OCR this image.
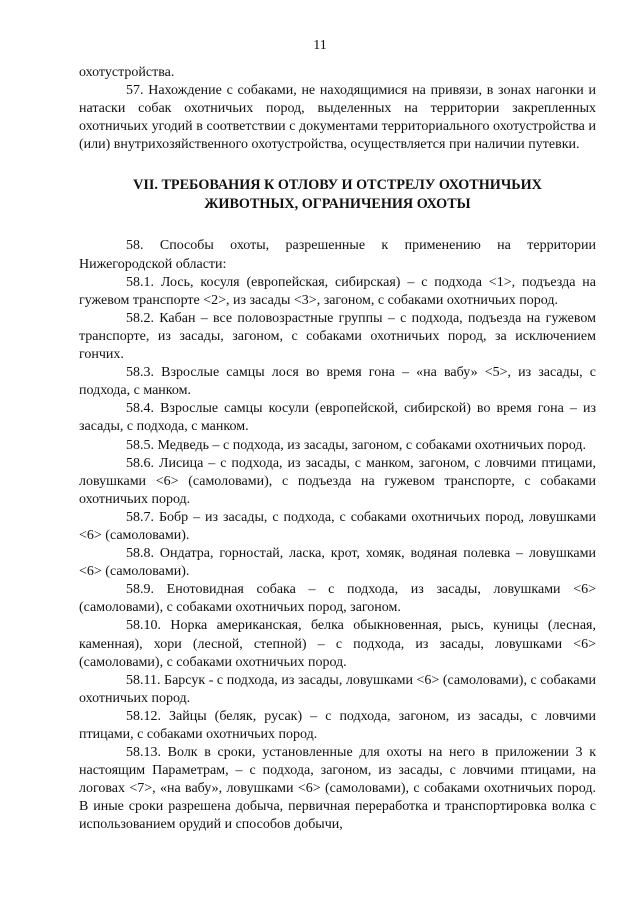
11

охотустройства.

57. Нахождение с собаками, не находящимися на привязи, в зонах нагонки и натаски собак охотничьих пород, выделенных на территории закрепленных охотничьих угодий в соответствии с документами территориального охотустройства и (или) внутрихозяйственного охотустройства, осуществляется при наличии путевки.

VII. ТРЕБОВАНИЯ К ОТЛОВУ И ОТСТРЕЛУ ОХОТНИЧЬИХ
ЖИВОТНЫХ, ОГРАНИЧЕНИЯ ОХОТЫ

58. Способы охоты, разрешенные к применению на территории Нижегородской области:

58.1. Лось, косуля (европейская, сибирская) – с подхода <1>, подъезда на гужевом транспорте <2>, из засады <3>, загоном, с собаками охотничьих пород.

58.2. Кабан – все половозрастные группы – с подхода, подъезда на гужевом транспорте, из засады, загоном, с собаками охотничьих пород, за исключением гончих.

58.3. Взрослые самцы лося во время гона – «на вабу» <5>, из засады, с подхода, с манком.

58.4. Взрослые самцы косули (европейской, сибирской) во время гона – из засады, с подхода, с манком.

58.5. Медведь – с подхода, из засады, загоном, с собаками охотничьих пород.

58.6. Лисица – с подхода, из засады, с манком, загоном, с ловчими птицами, ловушками <6> (самоловами), с подъезда на гужевом транспорте, с собаками охотничьих пород.

58.7. Бобр – из засады, с подхода, с собаками охотничьих пород, ловушками <6> (самоловами).

58.8. Ондатра, горностай, ласка, крот, хомяк, водяная полевка – ловушками <6> (самоловами).

58.9. Енотовидная собака – с подхода, из засады, ловушками <6> (самоловами), с собаками охотничьих пород, загоном.

58.10. Норка американская, белка обыкновенная, рысь, куницы (лесная, каменная), хори (лесной, степной) – с подхода, из засады, ловушками <6> (самоловами), с собаками охотничьих пород.

58.11. Барсук - с подхода, из засады, ловушками <6> (самоловами), с собаками охотничьих пород.

58.12. Зайцы (беляк, русак) – с подхода, загоном, из засады, с ловчими птицами, с собаками охотничьих пород.

58.13. Волк в сроки, установленные для охоты на него в приложении 3 к настоящим Параметрам, – с подхода, загоном, из засады, с ловчими птицами, на логовах <7>, «на вабу», ловушками <6> (самоловами), с собаками охотничьих пород. В иные сроки разрешена добыча, первичная переработка и транспортировка волка с использованием орудий и способов добычи,
